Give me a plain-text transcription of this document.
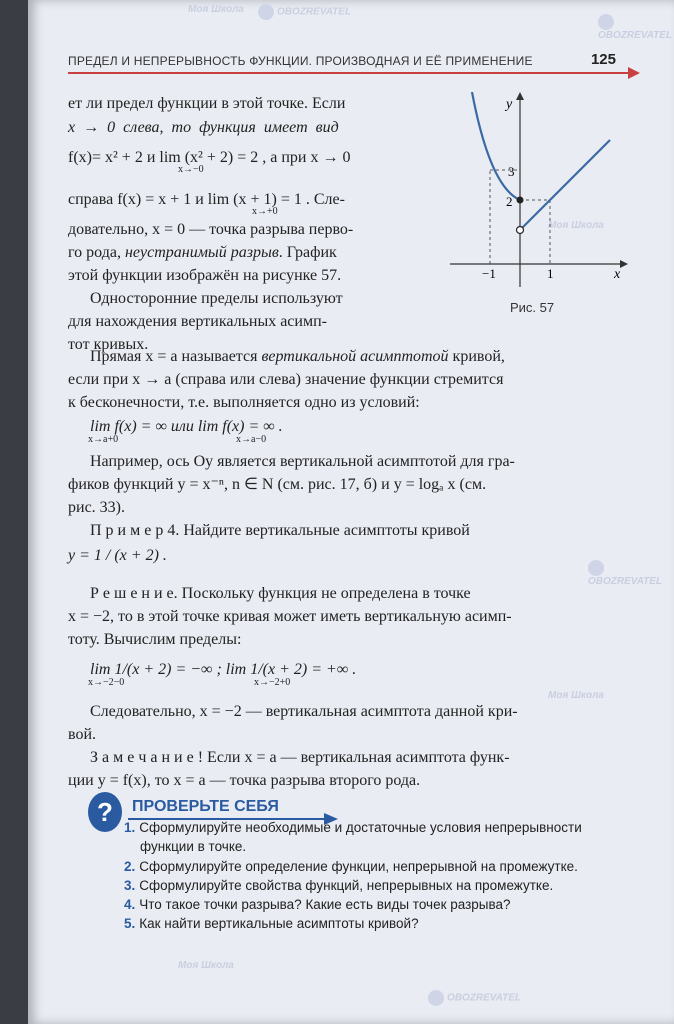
Моя Школа	OBOZREVATEL
OBOZREVATEL
Моя Школа
OBOZREVATEL
Моя Школа
Моя Школа
OBOZREVATEL
ПРЕДЕЛ И НЕПРЕРЫВНОСТЬ ФУНКЦИИ. ПРОИЗВОДНАЯ И ЕЁ ПРИМЕНЕНИЕ	125
ет ли предел функции в этой точке. Если
x → 0 слева, то функция имеет вид
f(x)= x² + 2 и lim (x² + 2) = 2 , а при x → 0
x→−0
справа f(x) = x + 1 и lim (x + 1) = 1 . Сле-
x→+0
довательно, x = 0 — точка разрыва перво-
го рода, неустранимый разрыв. График
этой функции изображён на рисунке 57.
Односторонние пределы используют
для нахождения вертикальных асимп-
тот кривых.
3
2
−1	1	x
y
Рис. 57
Прямая x = a называется вертикальной асимптотой кривой,
если при x → a (справа или слева) значение функции стремится
к бесконечности, т.е. выполняется одно из условий:
lim f(x) = ∞ или lim f(x) = ∞ .
x→a+0	x→a−0
Например, ось Oy является вертикальной асимптотой для гра-
фиков функций y = x⁻ⁿ, n ∈ N (см. рис. 17, б) и y = logₐ x (см.
рис. 33).
П р и м е р 4. Найдите вертикальные асимптоты кривой
y = 1 / (x + 2) .
Р е ш е н и е. Поскольку функция не определена в точке
x = −2, то в этой точке кривая может иметь вертикальную асимп-
тоту. Вычислим пределы:
lim 1/(x + 2) = −∞ ; lim 1/(x + 2) = +∞ .
x→−2−0	x→−2+0
Следовательно, x = −2 — вертикальная асимптота данной кри-
вой.
З а м е ч а н и е ! Если x = a — вертикальная асимптота функ-
ции y = f(x), то x = a — точка разрыва второго рода.
?	ПРОВЕРЬТЕ СЕБЯ
1. Сформулируйте необходимые и достаточные условия непрерывности
функции в точке.
2. Сформулируйте определение функции, непрерывной на промежутке.
3. Сформулируйте свойства функций, непрерывных на промежутке.
4. Что такое точки разрыва? Какие есть виды точек разрыва?
5. Как найти вертикальные асимптоты кривой?
